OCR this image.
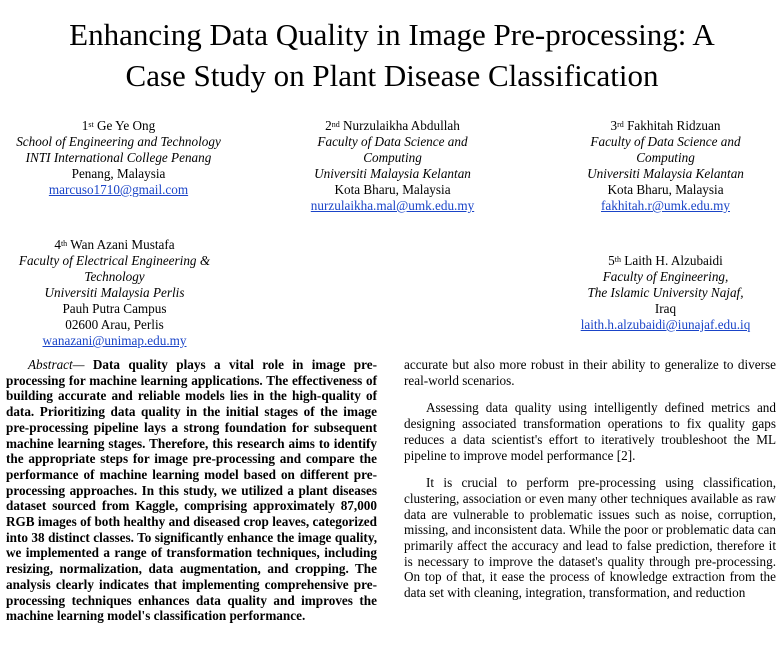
Enhancing Data Quality in Image Pre-processing: A
Case Study on Plant Disease Classification
1st Ge Ye Ong
School of Engineering and Technology
INTI International College Penang
Penang, Malaysia
marcuso1710@gmail.com
2nd Nurzulaikha Abdullah
Faculty of Data Science and
Computing
Universiti Malaysia Kelantan
Kota Bharu, Malaysia
nurzulaikha.mal@umk.edu.my
3rd Fakhitah Ridzuan
Faculty of Data Science and
Computing
Universiti Malaysia Kelantan
Kota Bharu, Malaysia
fakhitah.r@umk.edu.my
4th Wan Azani Mustafa
Faculty of Electrical Engineering &
Technology
Universiti Malaysia Perlis
Pauh Putra Campus
02600 Arau, Perlis
wanazani@unimap.edu.my
5th Laith H. Alzubaidi
Faculty of Engineering,
The Islamic University Najaf,
Iraq
laith.h.alzubaidi@iunajaf.edu.iq

Abstract— Data quality plays a vital role in image pre-processing for machine learning applications. The effectiveness of building accurate and reliable models lies in the high-quality of data. Prioritizing data quality in the initial stages of the image pre-processing pipeline lays a strong foundation for subsequent machine learning stages. Therefore, this research aims to identify the appropriate steps for image pre-processing and compare the performance of machine learning model based on different pre-processing approaches. In this study, we utilized a plant diseases dataset sourced from Kaggle, comprising approximately 87,000 RGB images of both healthy and diseased crop leaves, categorized into 38 distinct classes. To significantly enhance the image quality, we implemented a range of transformation techniques, including resizing, normalization, data augmentation, and cropping. The analysis clearly indicates that implementing comprehensive pre-processing techniques enhances data quality and improves the machine learning model's classification performance.

accurate but also more robust in their ability to generalize to diverse real-world scenarios.

Assessing data quality using intelligently defined metrics and designing associated transformation operations to fix quality gaps reduces a data scientist's effort to iteratively troubleshoot the ML pipeline to improve model performance [2].

It is crucial to perform pre-processing using classification, clustering, association or even many other techniques available as raw data are vulnerable to problematic issues such as noise, corruption, missing, and inconsistent data. While the poor or problematic data can primarily affect the accuracy and lead to false prediction, therefore it is necessary to improve the dataset's quality through pre-processing. On top of that, it ease the process of knowledge extraction from the data set with cleaning, integration, transformation, and reduction
